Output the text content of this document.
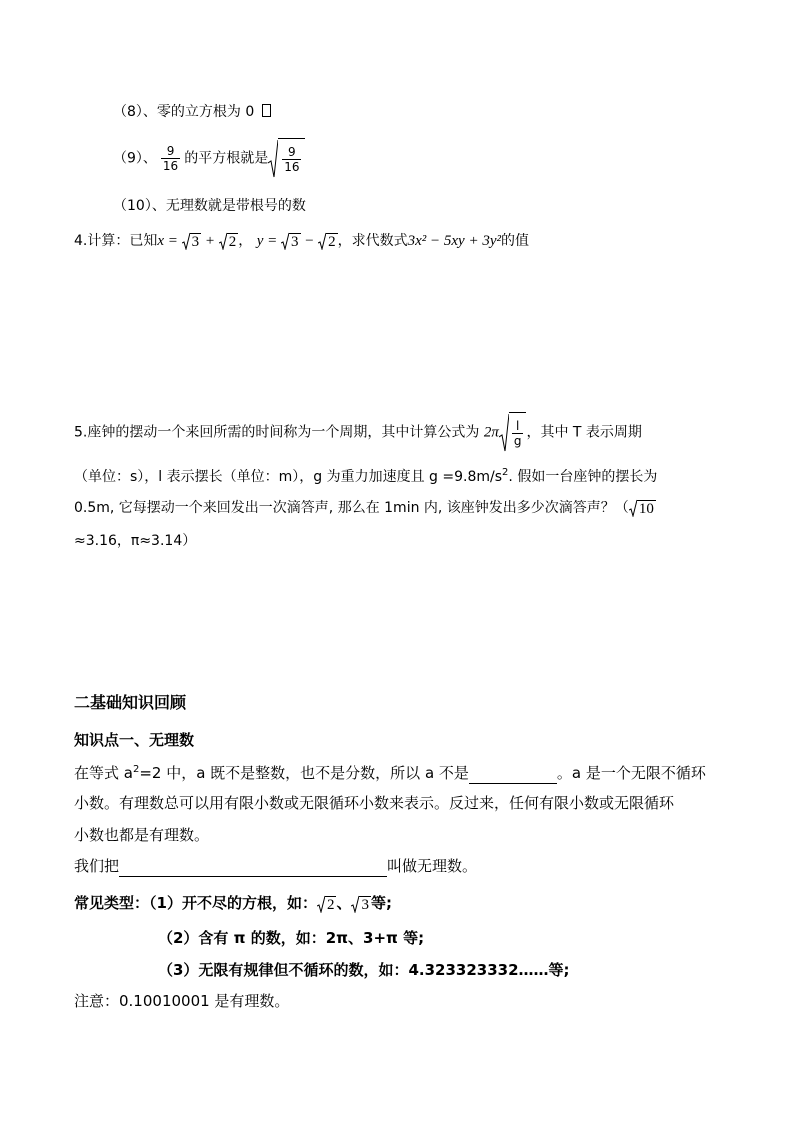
（8）、零的立方根为 0
（9）、 $\frac{9}{16}$ 的平方根就是 $\frac{9}{16}$
（10）、无理数就是带根号的数
4.计算：已知x = 3 + 2 ， y = 3 − 2 ，求代数式3x² − 5xy + 3y²的值
5.座钟的摆动一个来回所需的时间称为一个周期，其中计算公式为 $2\pi \frac{l}{g}$ ，其中 T 表示周期
（单位：s），l 表示摆长（单位：m），g 为重力加速度且 $g =9.8m/s^2$. 假如一台座钟的摆长为
0.5m, 它每摆动一个来回发出一次滴答声, 那么在 1min 内, 该座钟发出多少次滴答声？（ 10
≈3.16，π≈3.14）
二基础知识回顾
知识点一、无理数
在等式 $a^2=2$ 中，a 既不是整数，也不是分数，所以 a 不是	。a 是一个无限不循环
小数。有理数总可以用有限小数或无限循环小数来表示。反过来，任何有限小数或无限循环
小数也都是有理数。
我们把	叫做无理数。
常见类型：（1）开不尽的方根，如： 2 、 3 等;
（2）含有 π 的数，如：2π、3+π 等;
（3）无限有规律但不循环的数，如：4.323323332……等;
注意：0.10010001 是有理数。
